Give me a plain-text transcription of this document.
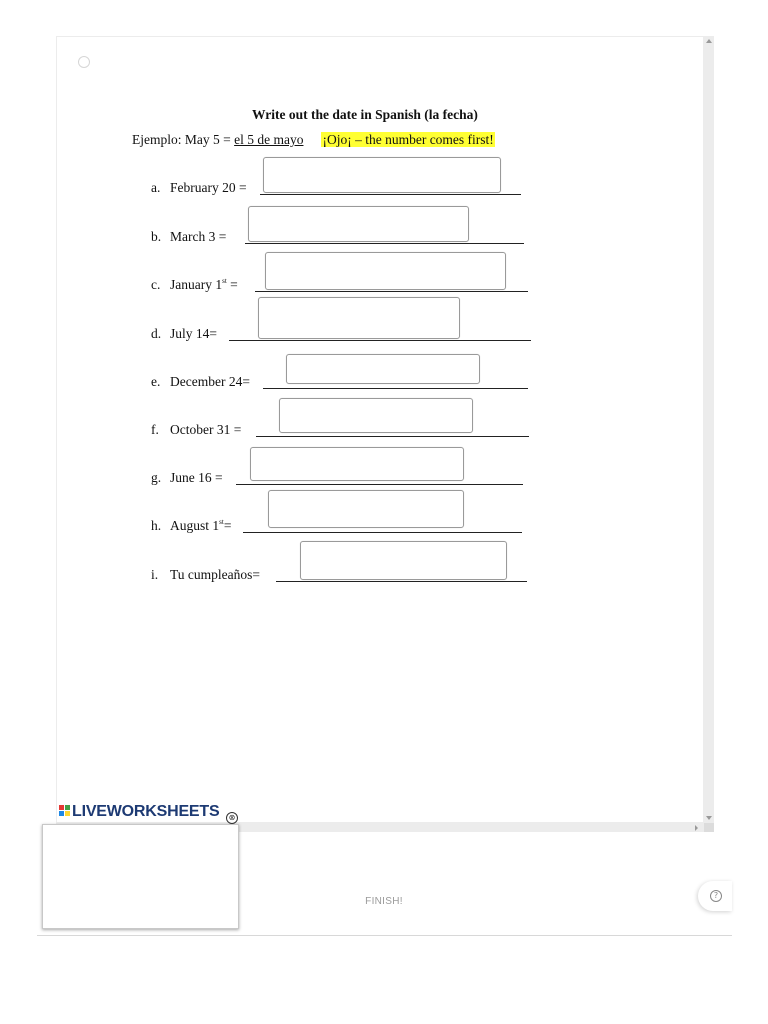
Write out the date in Spanish (la fecha)
Ejemplo: May 5 = el 5 de mayo ¡Ojo¡ – the number comes first!
a. February 20 =
b. March 3 =
c. January 1st =
d. July 14=
e. December 24=
f. October 31 =
g. June 16 =
h. August 1st=
i. Tu cumpleaños=
LIVEWORKSHEETS	⊗
FINISH!
?
